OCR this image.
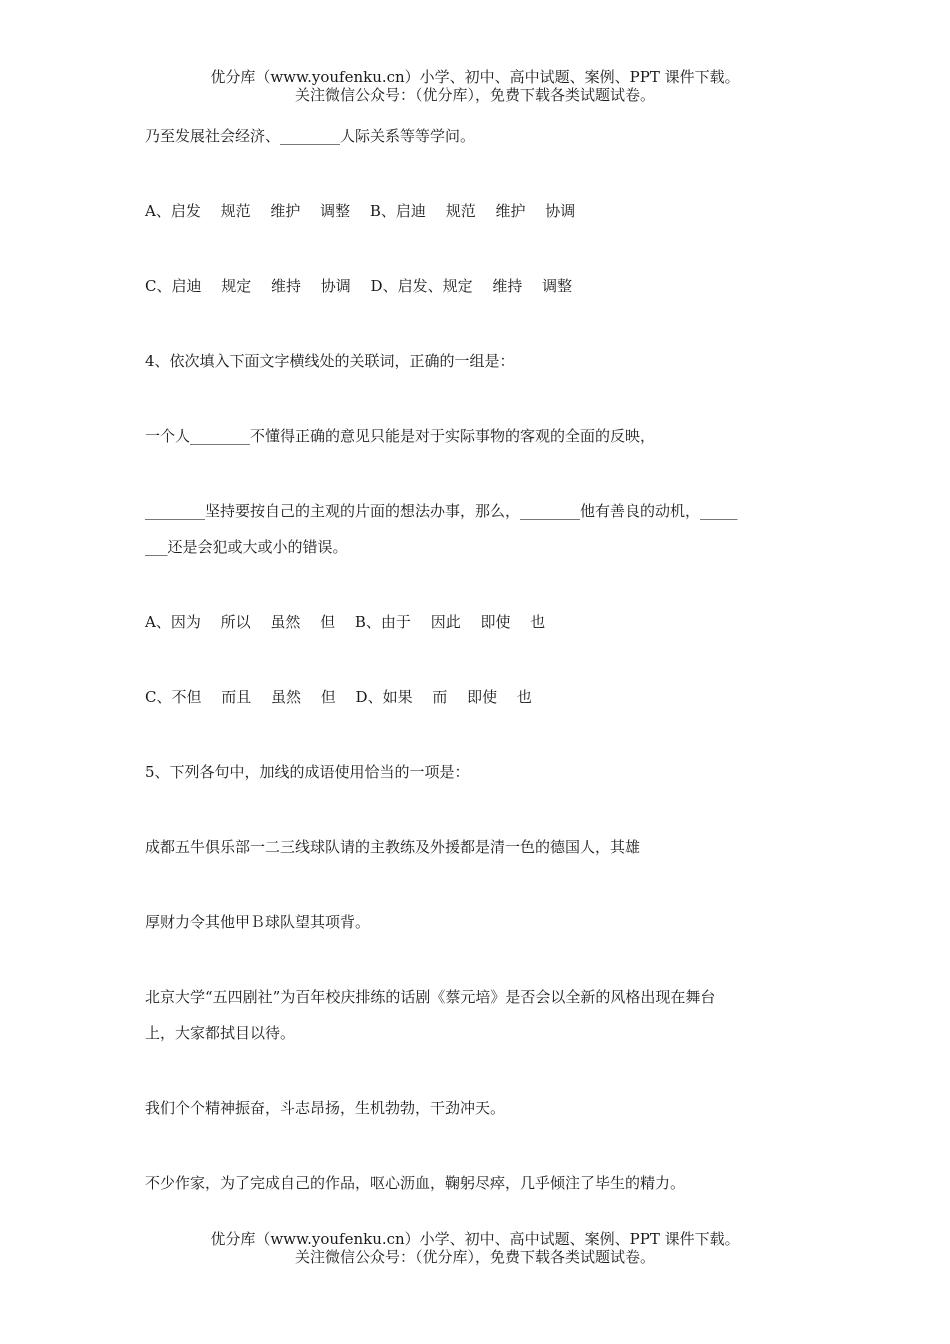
优分库（www.youfenku.cn）小学、初中、高中试题、案例、PPT 课件下载。
关注微信公众号：（优分库），免费下载各类试题试卷。
乃至发展社会经济、________人际关系等等学问。
A、启发　 规范　 维护　 调整　 B、启迪　 规范　 维护　 协调
C、启迪　 规定　 维持　 协调　 D、启发、规定　 维持　 调整
4、依次填入下面文字横线处的关联词，正确的一组是：
一个人________不懂得正确的意见只能是对于实际事物的客观的全面的反映，
________坚持要按自己的主观的片面的想法办事，那么，________他有善良的动机，_____
___还是会犯或大或小的错误。
A、因为　 所以　 虽然　 但　 B、由于　 因此　 即使　 也
C、不但　 而且　 虽然　 但　 D、如果　 而　 即使　 也
5、下列各句中，加线的成语使用恰当的一项是：
成都五牛俱乐部一二三线球队请的主教练及外援都是清一色的德国人，其雄
厚财力令其他甲Ｂ球队望其项背。
北京大学“五四剧社”为百年校庆排练的话剧《蔡元培》是否会以全新的风格出现在舞台
上，大家都拭目以待。
我们个个精神振奋，斗志昂扬，生机勃勃，干劲冲天。
不少作家，为了完成自己的作品，呕心沥血，鞠躬尽瘁，几乎倾注了毕生的精力。
优分库（www.youfenku.cn）小学、初中、高中试题、案例、PPT 课件下载。
关注微信公众号：（优分库），免费下载各类试题试卷。
